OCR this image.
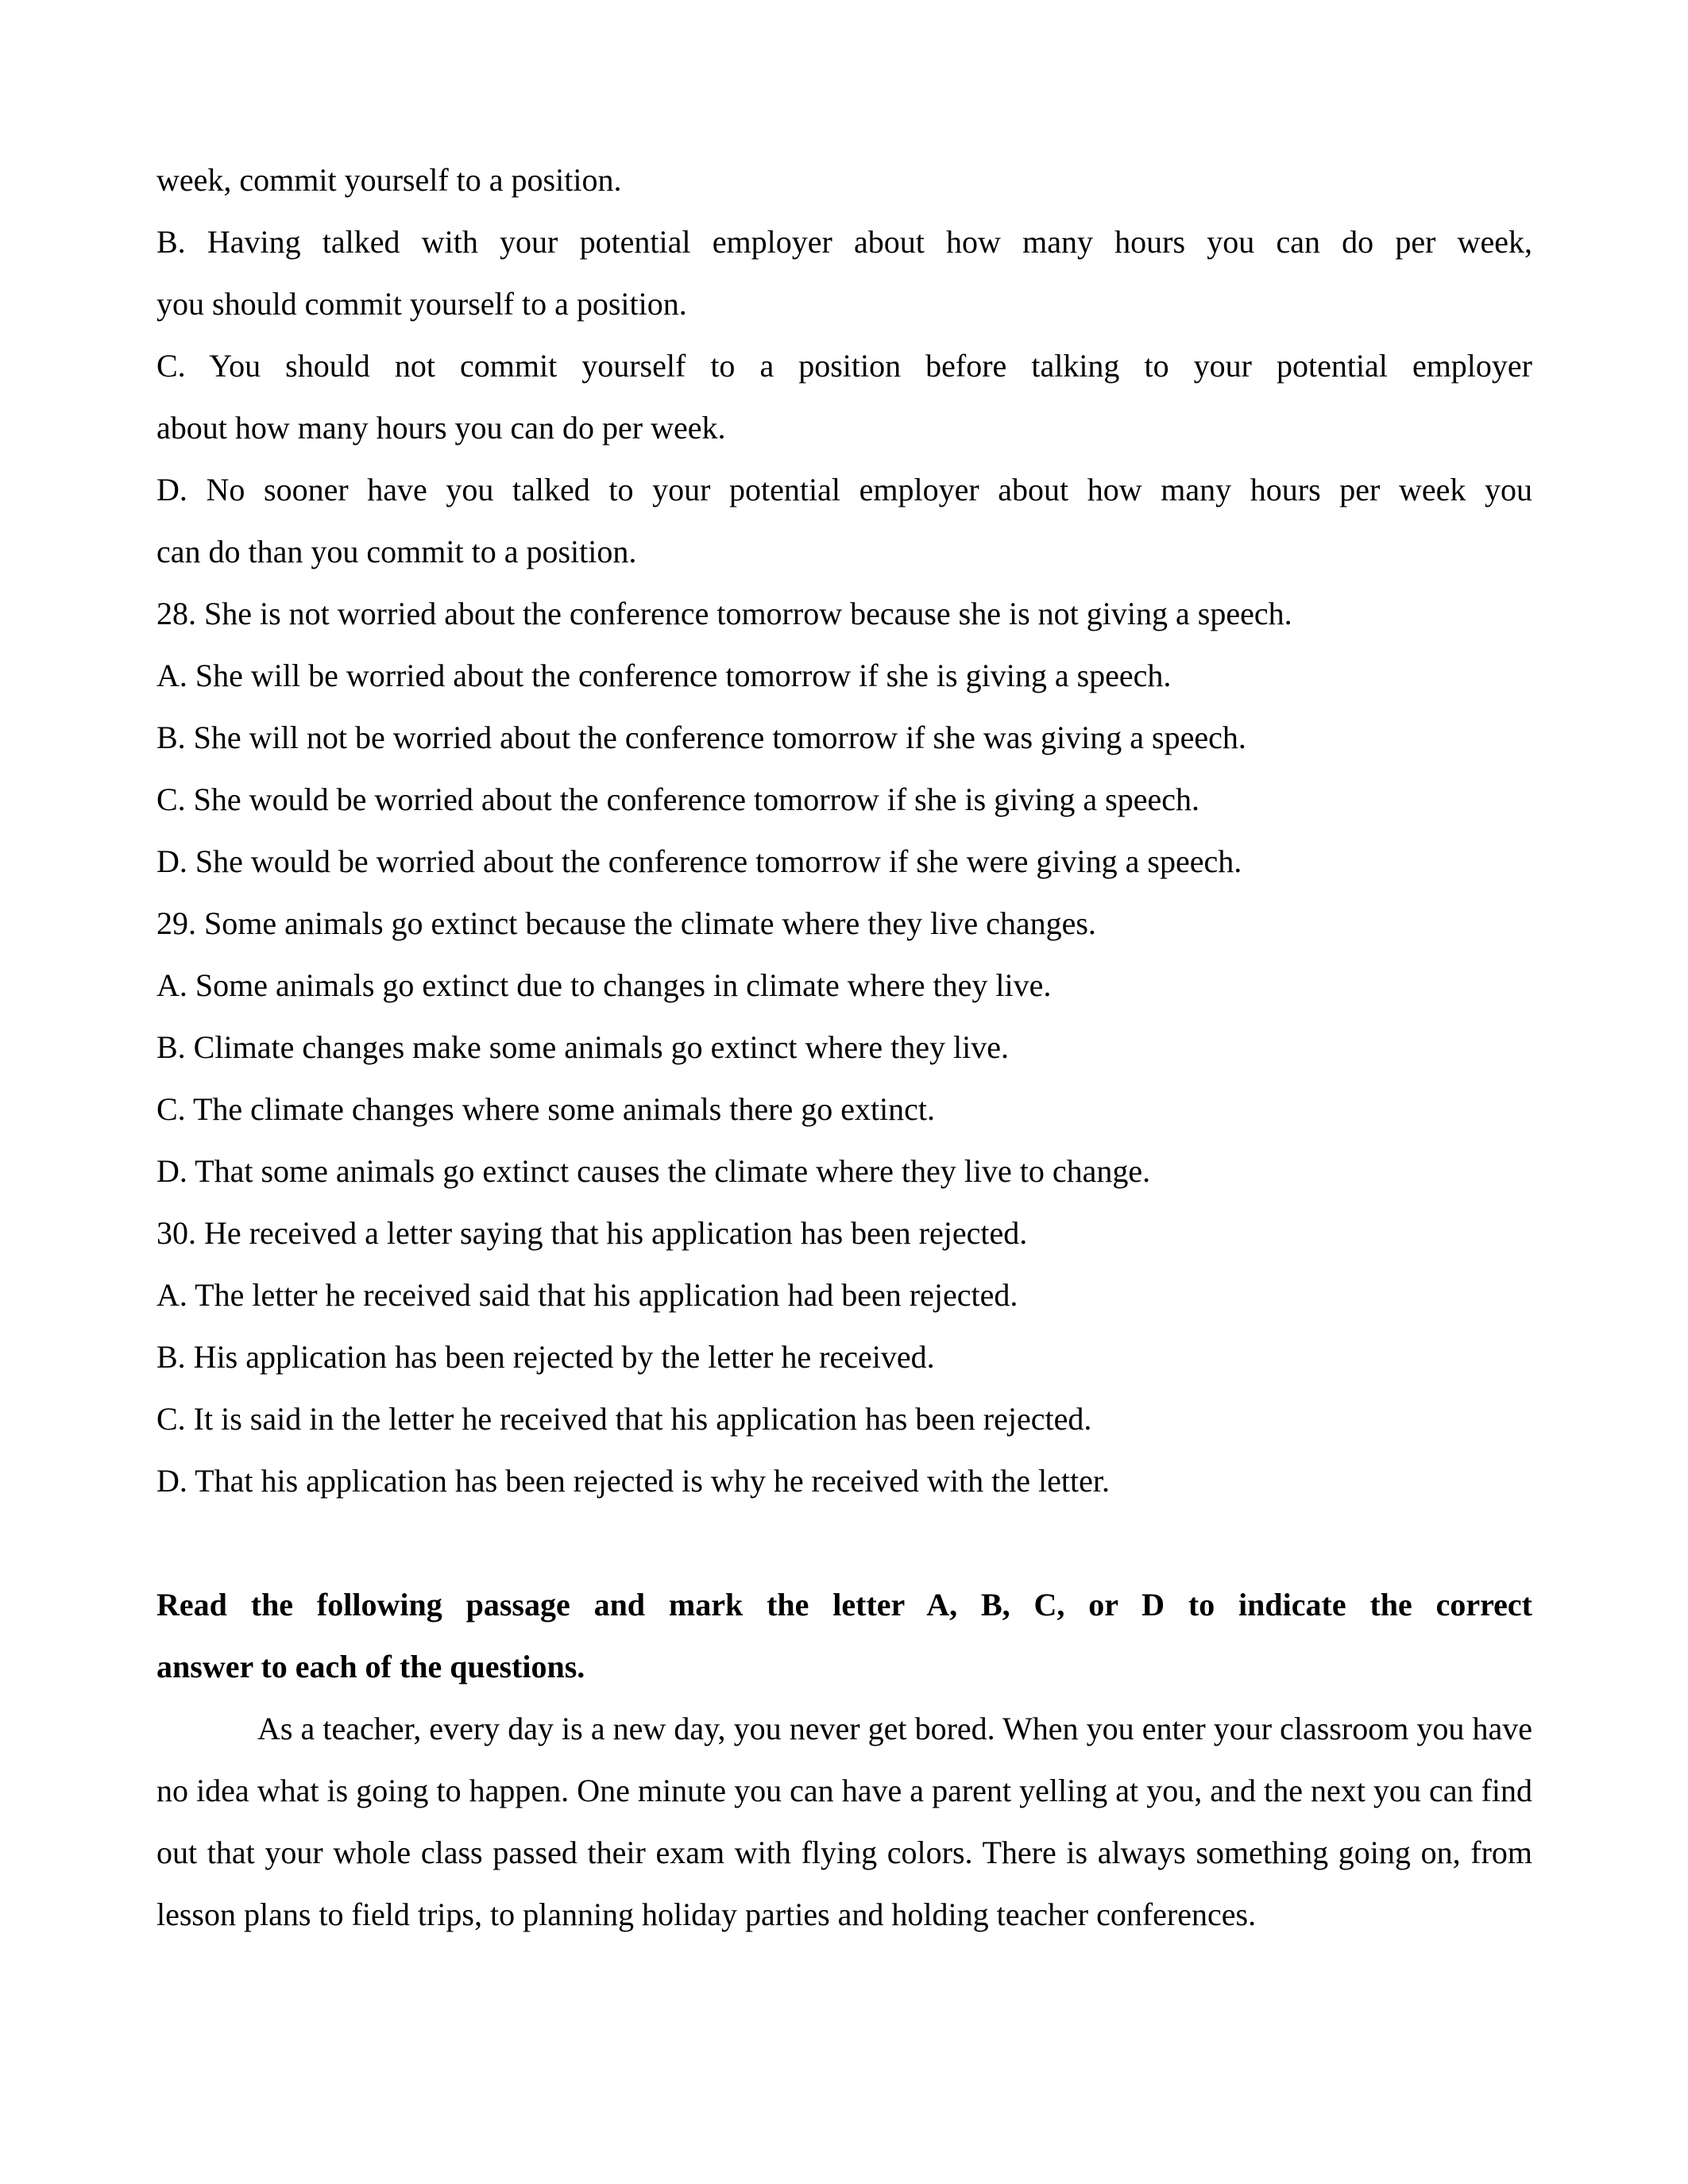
week, commit yourself to a position.

B. Having talked with your potential employer about how many hours you can do per week,

you should commit yourself to a position.

C. You should not commit yourself to a position before talking to your potential employer

about how many hours you can do per week.

D. No sooner have you talked to your potential employer about how many hours per week you

can do than you commit to a position.

28. She is not worried about the conference tomorrow because she is not giving a speech.

A. She will be worried about the conference tomorrow if she is giving a speech.

B. She will not be worried about the conference tomorrow if she was giving a speech.

C. She would be worried about the conference tomorrow if she is giving a speech.

D. She would be worried about the conference tomorrow if she were giving a speech.

29. Some animals go extinct because the climate where they live changes.

A. Some animals go extinct due to changes in climate where they live.

B. Climate changes make some animals go extinct where they live.

C. The climate changes where some animals there go extinct.

D. That some animals go extinct causes the climate where they live to change.

30. He received a letter saying that his application has been rejected.

A. The letter he received said that his application had been rejected.

B. His application has been rejected by the letter he received.

C. It is said in the letter he received that his application has been rejected.

D. That his application has been rejected is why he received with the letter.

Read the following passage and mark the letter A, B, C, or D to indicate the correct

answer to each of the questions.

As a teacher, every day is a new day, you never get bored. When you enter your classroom you have no idea what is going to happen. One minute you can have a parent yelling at you, and the next you can find out that your whole class passed their exam with flying colors. There is always something going on, from lesson plans to field trips, to planning holiday parties and holding teacher conferences.
